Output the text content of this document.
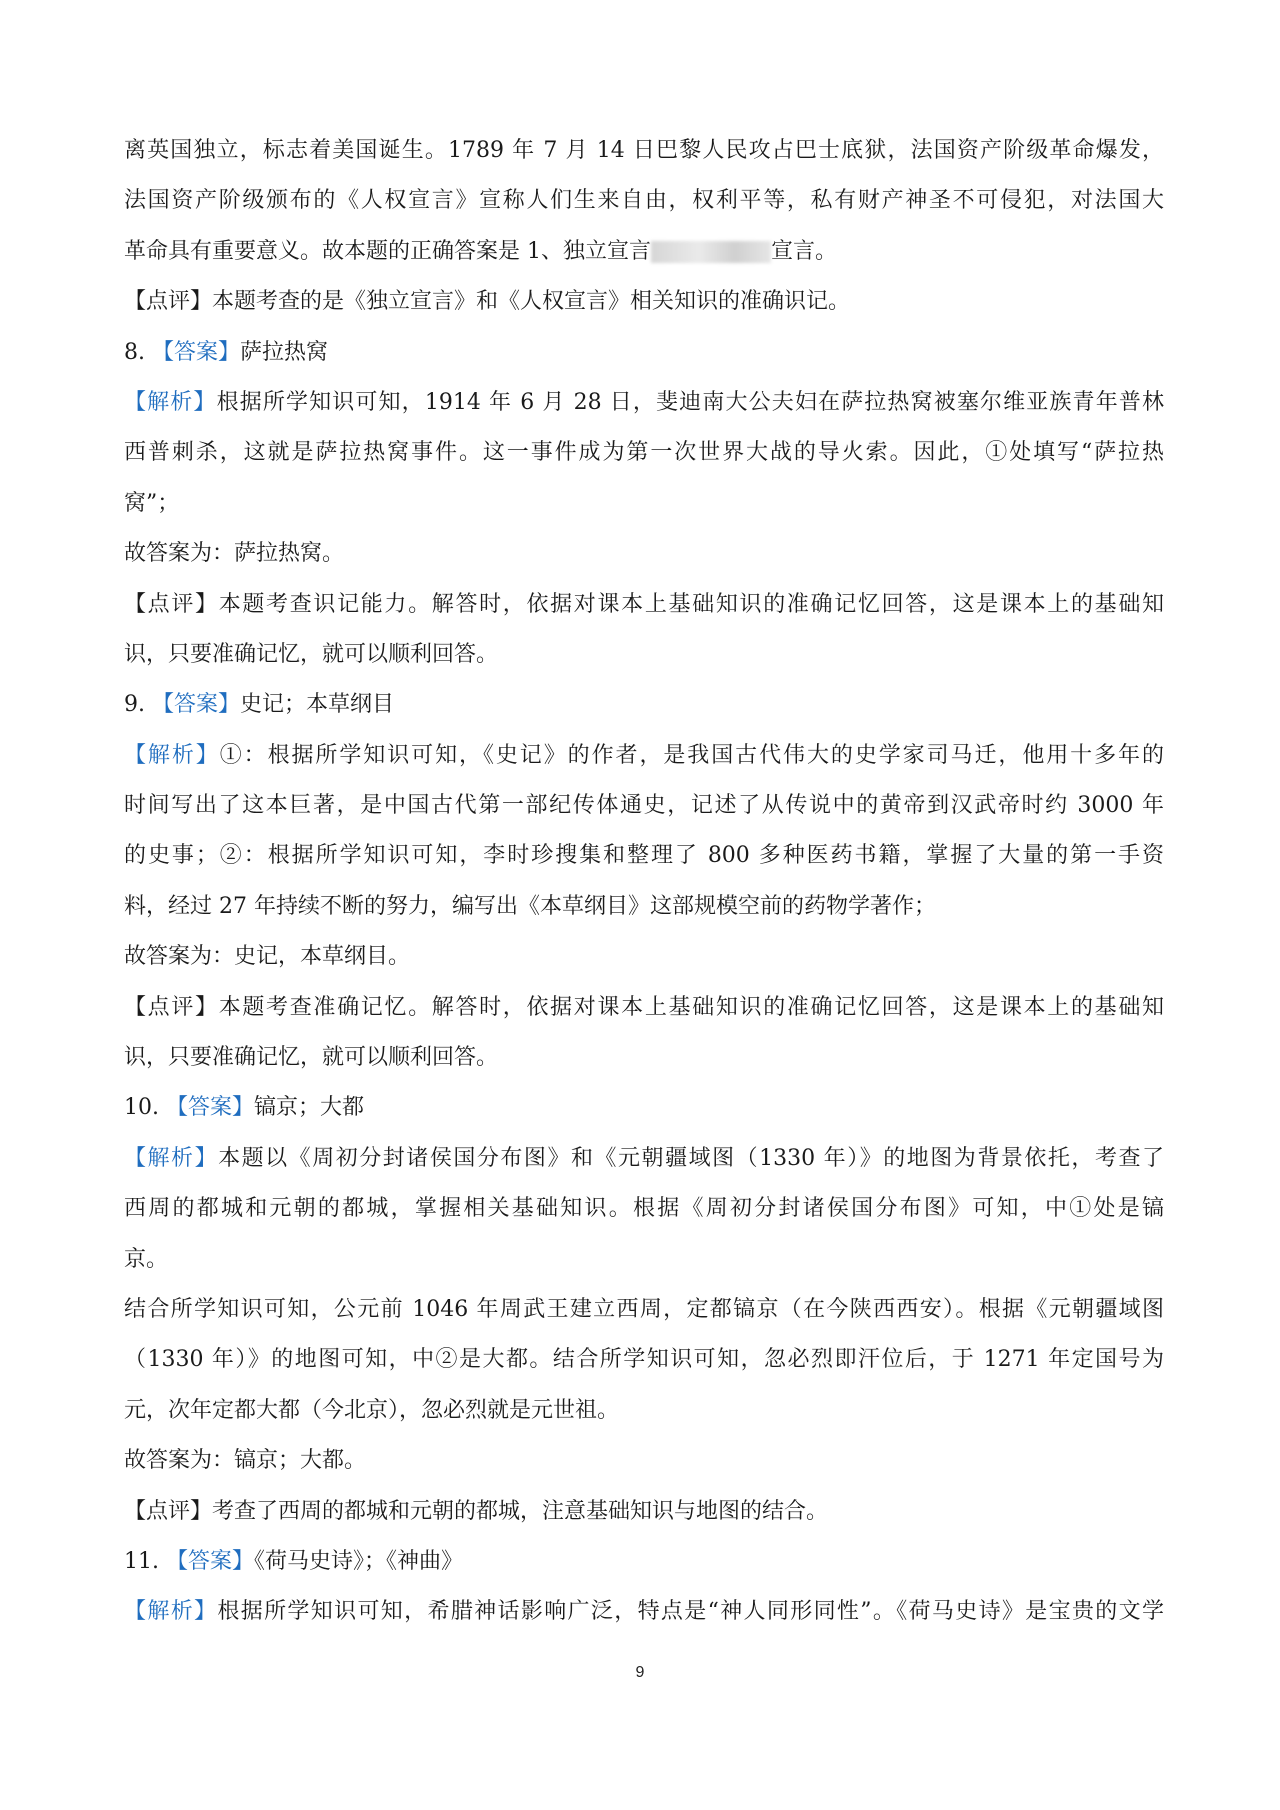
离英国独立，标志着美国诞生。1789 年 7 月 14 日巴黎人民攻占巴士底狱，法国资产阶级革命爆发，
法国资产阶级颁布的《人权宣言》宣称人们生来自由，权利平等，私有财产神圣不可侵犯，对法国大
革命具有重要意义。故本题的正确答案是 1、独立宣言	宣言。
【点评】本题考查的是《独立宣言》和《人权宣言》相关知识的准确识记。
8. 【答案】萨拉热窝
【解析】根据所学知识可知，1914 年 6 月 28 日，斐迪南大公夫妇在萨拉热窝被塞尔维亚族青年普林
西普刺杀，这就是萨拉热窝事件。这一事件成为第一次世界大战的导火索。因此，①处填写“萨拉热
窝”；
故答案为：萨拉热窝。
【点评】本题考查识记能力。解答时，依据对课本上基础知识的准确记忆回答，这是课本上的基础知
识，只要准确记忆，就可以顺利回答。
9. 【答案】史记；本草纲目
【解析】①：根据所学知识可知，《史记》的作者，是我国古代伟大的史学家司马迁，他用十多年的
时间写出了这本巨著，是中国古代第一部纪传体通史，记述了从传说中的黄帝到汉武帝时约 3000 年
的史事；②：根据所学知识可知，李时珍搜集和整理了 800 多种医药书籍，掌握了大量的第一手资
料，经过 27 年持续不断的努力，编写出《本草纲目》这部规模空前的药物学著作；
故答案为：史记，本草纲目。
【点评】本题考查准确记忆。解答时，依据对课本上基础知识的准确记忆回答，这是课本上的基础知
识，只要准确记忆，就可以顺利回答。
10. 【答案】镐京；大都
【解析】本题以《周初分封诸侯国分布图》和《元朝疆域图（1330 年）》的地图为背景依托，考查了
西周的都城和元朝的都城，掌握相关基础知识。根据《周初分封诸侯国分布图》可知，中①处是镐
京。
结合所学知识可知，公元前 1046 年周武王建立西周，定都镐京（在今陕西西安）。根据《元朝疆域图
（1330 年）》的地图可知，中②是大都。结合所学知识可知，忽必烈即汗位后，于 1271 年定国号为
元，次年定都大都（今北京），忽必烈就是元世祖。
故答案为：镐京；大都。
【点评】考查了西周的都城和元朝的都城，注意基础知识与地图的结合。
11. 【答案】《荷马史诗》；《神曲》
【解析】根据所学知识可知，希腊神话影响广泛，特点是“神人同形同性”。《荷马史诗》是宝贵的文学
9
